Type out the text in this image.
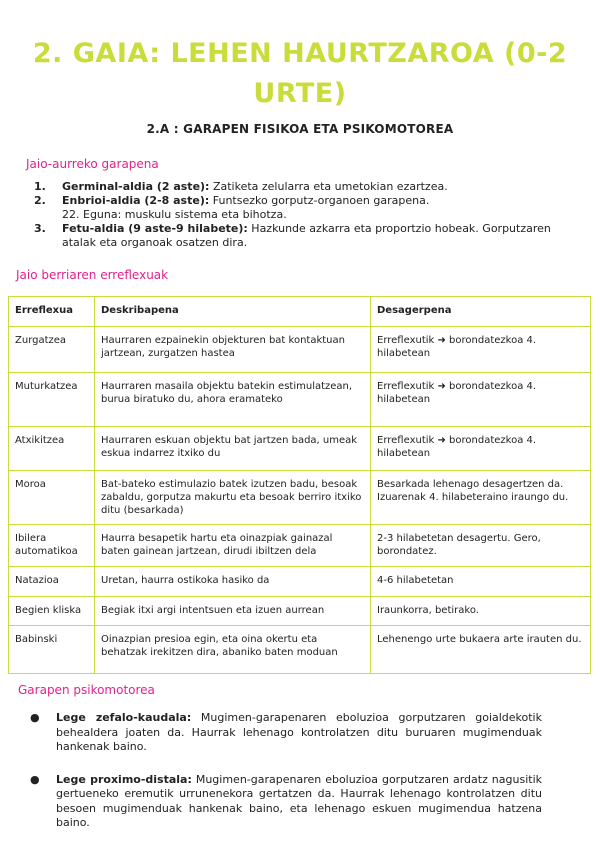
2. GAIA: LEHEN HAURTZAROA (0-2 URTE)
2.A : GARAPEN FISIKOA ETA PSIKOMOTOREA
Jaio-aurreko garapena
1. Germinal-aldia (2 aste): Zatiketa zelularra eta umetokian ezartzea.
2. Enbrioi-aldia (2-8 aste): Funtsezko gorputz-organoen garapena.
22. Eguna: muskulu sistema eta bihotza.
3. Fetu-aldia (9 aste-9 hilabete): Hazkunde azkarra eta proportzio hobeak. Gorputzaren atalak eta organoak osatzen dira.
Jaio berriaren erreflexuak
Erreflexua	Deskribapena	Desagerpena
Zurgatzea	Haurraren ezpainekin objekturen bat kontaktuan jartzean, zurgatzen hastea	Erreflexutik ➜ borondatezkoa 4. hilabetean
Muturkatzea	Haurraren masaila objektu batekin estimulatzean, burua biratuko du, ahora eramateko	Erreflexutik ➜ borondatezkoa 4. hilabetean
Atxikitzea	Haurraren eskuan objektu bat jartzen bada, umeak eskua indarrez itxiko du	Erreflexutik ➜ borondatezkoa 4. hilabetean
Moroa	Bat-bateko estimulazio batek izutzen badu, besoak zabaldu, gorputza makurtu eta besoak berriro itxiko ditu (besarkada)	Besarkada lehenago desagertzen da. Izuarenak 4. hilabeteraino iraungo du.
Ibilera automatikoa	Haurra besapetik hartu eta oinazpiak gainazal baten gainean jartzean, dirudi ibiltzen dela	2-3 hilabetetan desagertu. Gero, borondatez.
Natazioa	Uretan, haurra ostikoka hasiko da	4-6 hilabetetan
Begien kliska	Begiak itxi argi intentsuen eta izuen aurrean	Iraunkorra, betirako.
Babinski	Oinazpian presioa egin, eta oina okertu eta behatzak irekitzen dira, abaniko baten moduan	Lehenengo urte bukaera arte irauten du.
Garapen psikomotorea
● Lege zefalo-kaudala: Mugimen-garapenaren eboluzioa gorputzaren goialdekotik behealdera joaten da. Haurrak lehenago kontrolatzen ditu buruaren mugimenduak hankenak baino.
● Lege proximo-distala: Mugimen-garapenaren eboluzioa gorputzaren ardatz nagusitik gertueneko eremutik urrunenekora gertatzen da. Haurrak lehenago kontrolatzen ditu besoen mugimenduak hankenak baino, eta lehenago eskuen mugimendua hatzena baino.
